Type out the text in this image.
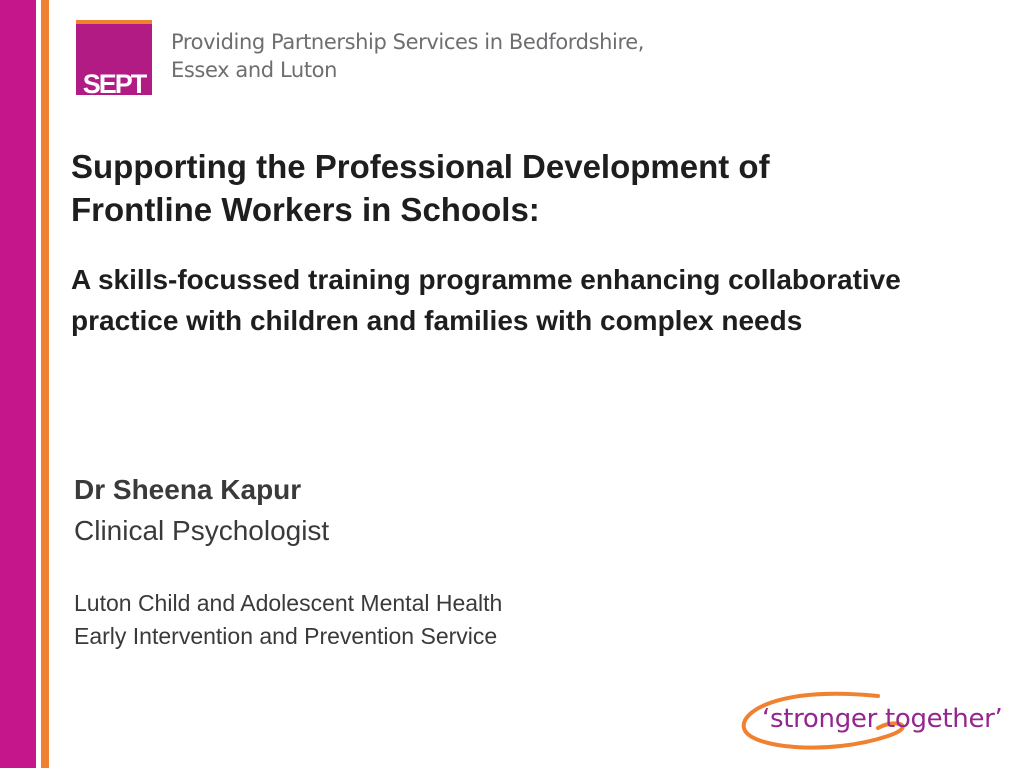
SEPT
Providing Partnership Services in Bedfordshire,
Essex and Luton
Supporting the Professional Development of Frontline Workers in Schools:
A skills-focussed training programme enhancing collaborative practice with children and families with complex needs
Dr Sheena Kapur
Clinical Psychologist
Luton Child and Adolescent Mental Health
Early Intervention and Prevention Service
‘stronger together’
